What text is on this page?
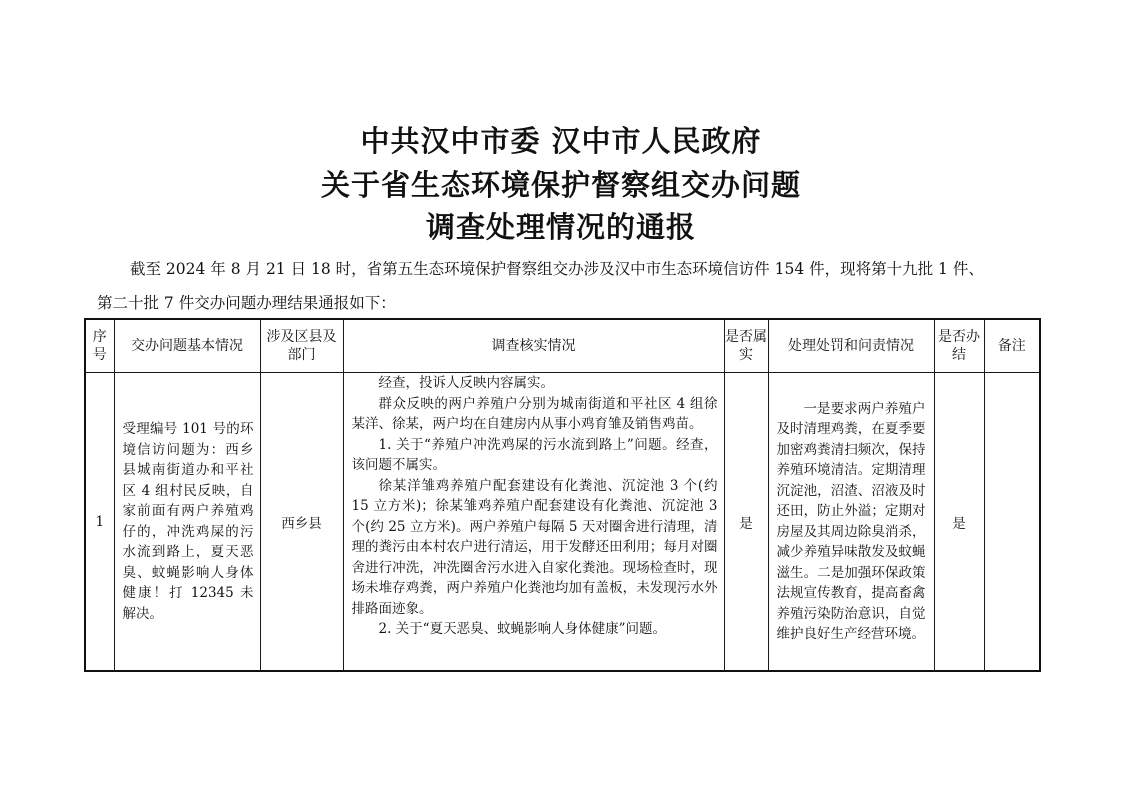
中共汉中市委 汉中市人民政府
关于省生态环境保护督察组交办问题
调查处理情况的通报
截至 2024 年 8 月 21 日 18 时，省第五生态环境保护督察组交办涉及汉中市生态环境信访件 154 件，现将第十九批 1 件、
第二十批 7 件交办问题办理结果通报如下：
序号	交办问题基本情况	涉及区县及部门	调查核实情况	是否属实	处理处罚和问责情况	是否办结	备注
1	受理编号 101 号的环境信访问题为：西乡县城南街道办和平社区 4 组村民反映，自家前面有两户养殖鸡仔的，冲洗鸡屎的污水流到路上，夏天恶臭、蚊蝇影响人身体健康！打 12345 未解决。	西乡县	经查，投诉人反映内容属实。

群众反映的两户养殖户分别为城南街道和平社区 4 组徐某洋、徐某，两户均在自建房内从事小鸡育雏及销售鸡苗。

1. 关于“养殖户冲洗鸡屎的污水流到路上”问题。经查，该问题不属实。

徐某洋雏鸡养殖户配套建设有化粪池、沉淀池 3 个(约 15 立方米)；徐某雏鸡养殖户配套建设有化粪池、沉淀池 3 个(约 25 立方米)。两户养殖户每隔 5 天对圈舍进行清理，清理的粪污由本村农户进行清运，用于发酵还田利用；每月对圈舍进行冲洗，冲洗圈舍污水进入自家化粪池。现场检查时，现场未堆存鸡粪，两户养殖户化粪池均加有盖板，未发现污水外排路面迹象。

2. 关于“夏天恶臭、蚊蝇影响人身体健康”问题。	是	一是要求两户养殖户及时清理鸡粪，在夏季要加密鸡粪清扫频次，保持养殖环境清洁。定期清理沉淀池，沼渣、沼液及时还田，防止外溢；定期对房屋及其周边除臭消杀，减少养殖异味散发及蚊蝇滋生。二是加强环保政策法规宣传教育，提高畜禽养殖污染防治意识，自觉维护良好生产经营环境。	是	
